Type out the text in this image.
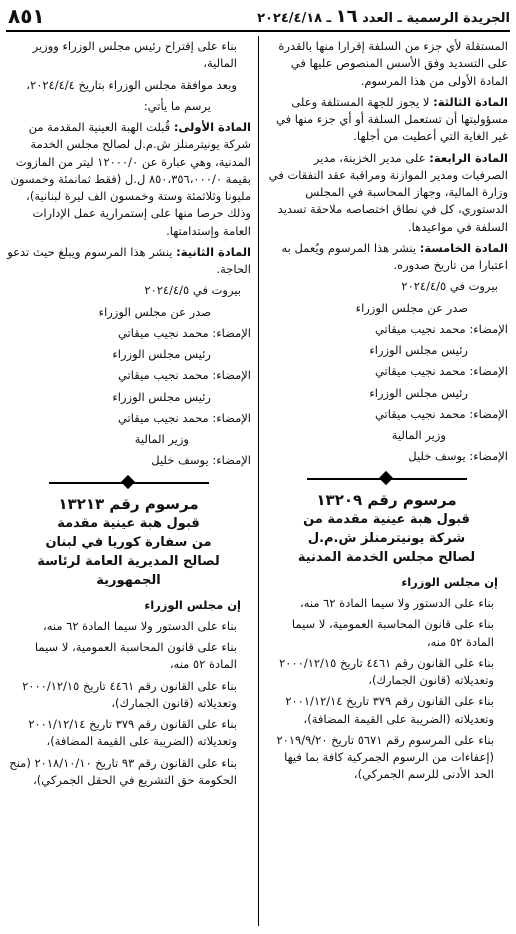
الجريدة الرسمية ـ العدد ١٦ ـ ٢٠٢٤/٤/١٨
٨٥١

المستقلة لأي جزء من السلفة إقرارا منها بالقدرة على التسديد وفق الأسس المنصوص عليها في المادة الأولى من هذا المرسوم.

المادة الثالثة: لا يجوز للجهة المستلفة وعلى مسؤوليتها أن تستعمل السلفة أو أي جزء منها في غير الغاية التي أعطيت من أجلها.

المادة الرابعة: على مدير الخزينة، مدير الصرفيات ومدير الموازنة ومراقبة عقد النفقات في وزارة المالية، وجهاز المحاسبة في المجلس الدستوري، كل في نطاق اختصاصه ملاحقة تسديد السلفة في مواعيدها.

المادة الخامسة: ينشر هذا المرسوم ويُعمل به اعتبارا من تاريخ صدوره.

بيروت في ٢٠٢٤/٤/٥

صدر عن مجلس الوزراء

الإمضاء: محمد نجيب ميقاتي

رئيس مجلس الوزراء

الإمضاء: محمد نجيب ميقاتي

رئيس مجلس الوزراء

الإمضاء: محمد نجيب ميقاتي

وزير المالية

الإمضاء: يوسف خليل

مرسوم رقم ١٣٢٠٩
قبول هبة عينية مقدمة من
شركة يونيترمنلز ش.م.ل
لصالح مجلس الخدمة المدنية

إن مجلس الوزراء

بناء على الدستور ولا سيما المادة ٦٢ منه،

بناء على قانون المحاسبة العمومية، لا سيما المادة ٥٢ منه،

بناء على القانون رقم ٤٤٦١ تاريخ ٢٠٠٠/١٢/١٥ وتعديلاته (قانون الجمارك)،

بناء على القانون رقم ٣٧٩ تاريخ ٢٠٠١/١٢/١٤ وتعديلاته (الضريبة على القيمة المضافة)،

بناء على المرسوم رقم ٥٦٧١ تاريخ ٢٠١٩/٩/٢٠ (إعفاءات من الرسوم الجمركية كافة بما فيها الحد الأدنى للرسم الجمركي)،

بناء على إقتراح رئيس مجلس الوزراء ووزير المالية،

وبعد موافقة مجلس الوزراء بتاريخ ٢٠٢٤/٤/٤،

يرسم ما يأتي:

المادة الأولى: قُبلت الهبة العينية المقدمة من شركة يونيترمنلز ش.م.ل لصالح مجلس الخدمة المدنية، وهي عبارة عن ١٢٠٠٠/٠ ليتر من المازوت بقيمة ٨٥٠،٣٥٦،٠٠٠/٠ ل.ل (فقط ثمانمئة وخمسون مليونا وثلاثمئة وستة وخمسون الف ليرة لبنانية)، وذلك حرصا منها على إستمرارية عمل الإدارات العامة وإستدامتها.

المادة الثانية: ينشر هذا المرسوم ويبلغ حيث تدعو الحاجة.

بيروت في ٢٠٢٤/٤/٥

صدر عن مجلس الوزراء

الإمضاء: محمد نجيب ميقاتي

رئيس مجلس الوزراء

الإمضاء: محمد نجيب ميقاتي

رئيس مجلس الوزراء

الإمضاء: محمد نجيب ميقاتي

وزير المالية

الإمضاء: يوسف خليل

مرسوم رقم ١٣٢١٣
قبول هبة عينية مقدمة
من سفارة كوريا في لبنان
لصالح المديرية العامة لرئاسة الجمهورية

إن مجلس الوزراء

بناء على الدستور ولا سيما المادة ٦٢ منه،

بناء على قانون المحاسبة العمومية، لا سيما المادة ٥٢ منه،

بناء على القانون رقم ٤٤٦١ تاريخ ٢٠٠٠/١٢/١٥ وتعديلاته (قانون الجمارك)،

بناء على القانون رقم ٣٧٩ تاريخ ٢٠٠١/١٢/١٤ وتعديلاته (الضريبة على القيمة المضافة)،

بناء على القانون رقم ٩٣ تاريخ ٢٠١٨/١٠/١٠ (منح الحكومة حق التشريع في الحقل الجمركي)،
